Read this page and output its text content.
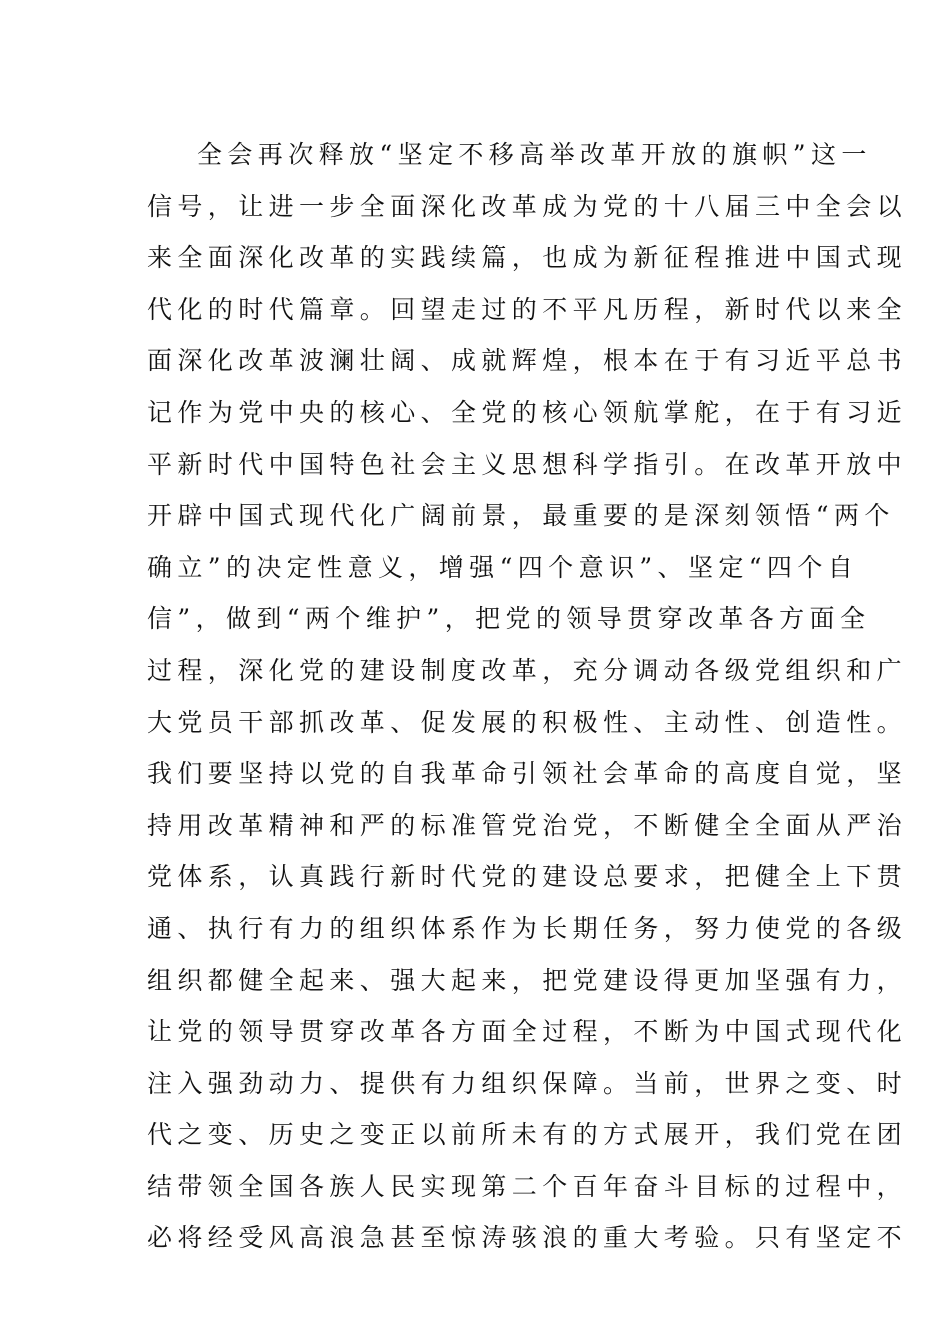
全会再次释放“坚定不移高举改革开放的旗帜”这一
信号，让进一步全面深化改革成为党的十八届三中全会以
来全面深化改革的实践续篇，也成为新征程推进中国式现
代化的时代篇章。回望走过的不平凡历程，新时代以来全
面深化改革波澜壮阔、成就辉煌，根本在于有习近平总书
记作为党中央的核心、全党的核心领航掌舵，在于有习近
平新时代中国特色社会主义思想科学指引。在改革开放中
开辟中国式现代化广阔前景，最重要的是深刻领悟“两个
确立”的决定性意义，增强“四个意识”、坚定“四个自
信”，做到“两个维护”，把党的领导贯穿改革各方面全
过程，深化党的建设制度改革，充分调动各级党组织和广
大党员干部抓改革、促发展的积极性、主动性、创造性。
我们要坚持以党的自我革命引领社会革命的高度自觉，坚
持用改革精神和严的标准管党治党，不断健全全面从严治
党体系，认真践行新时代党的建设总要求，把健全上下贯
通、执行有力的组织体系作为长期任务，努力使党的各级
组织都健全起来、强大起来，把党建设得更加坚强有力，
让党的领导贯穿改革各方面全过程，不断为中国式现代化
注入强劲动力、提供有力组织保障。当前，世界之变、时
代之变、历史之变正以前所未有的方式展开，我们党在团
结带领全国各族人民实现第二个百年奋斗目标的过程中，
必将经受风高浪急甚至惊涛骇浪的重大考验。只有坚定不
